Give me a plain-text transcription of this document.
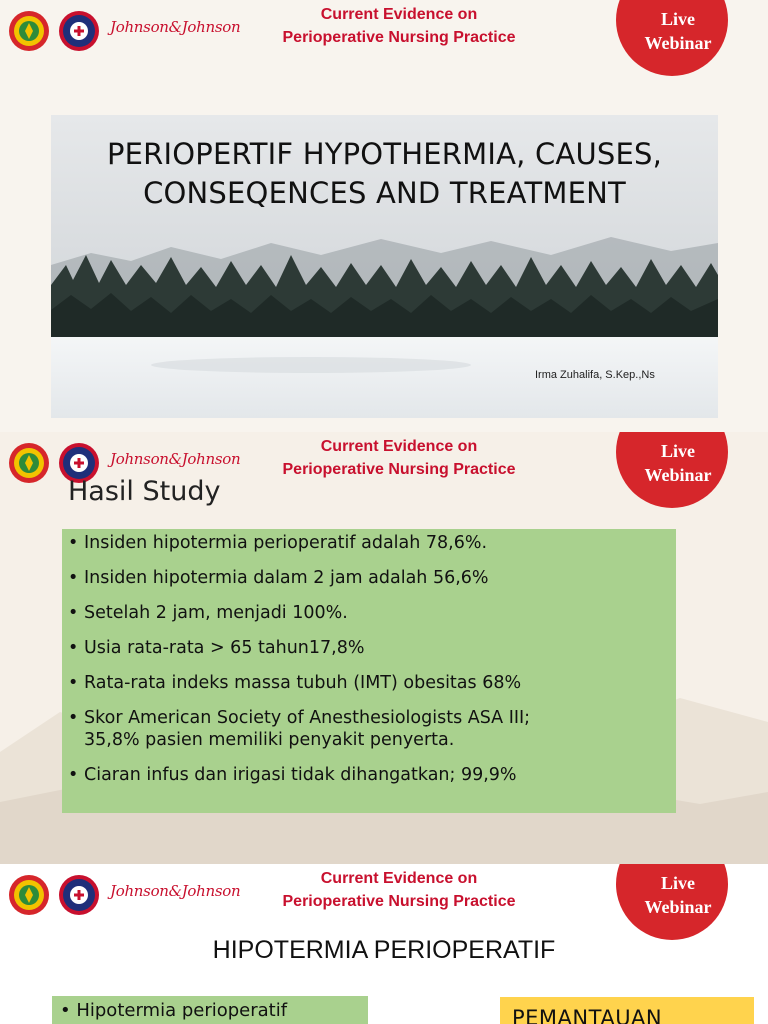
Johnson&Johnson
Current Evidence on
Perioperative Nursing Practice
Live
Webinar
PERIOPERTIF HYPOTHERMIA, CAUSES,
CONSEQENCES AND TREATMENT
Irma Zuhalifa, S.Kep.,Ns
Johnson&Johnson
Current Evidence on
Perioperative Nursing Practice
Live
Webinar
Hasil Study
• Insiden hipotermia perioperatif adalah 78,6%.
• Insiden hipotermia dalam 2 jam adalah 56,6%
• Setelah 2 jam, menjadi 100%.
• Usia rata-rata > 65 tahun17,8%
• Rata-rata indeks massa tubuh (IMT) obesitas 68%
• Skor American Society of Anesthesiologists ASA III;
35,8% pasien memiliki penyakit penyerta.
• Ciaran infus dan irigasi tidak dihangatkan; 99,9%
Johnson&Johnson
Current Evidence on
Perioperative Nursing Practice
Live
Webinar
HIPOTERMIA PERIOPERATIF
• Hipotermia perioperatif	PEMANTAUAN
